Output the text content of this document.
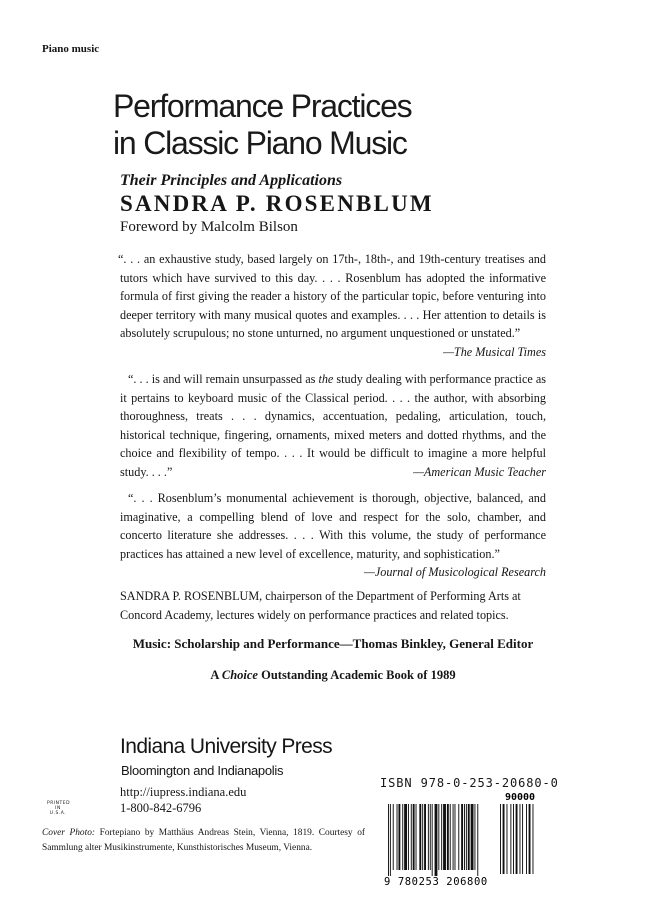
Piano music
Performance Practices
in Classic Piano Music
Their Principles and Applications
SANDRA P. ROSENBLUM
Foreword by Malcolm Bilson
“. . . an exhaustive study, based largely on 17th-, 18th-, and 19th-century treatises and tutors which have survived to this day. . . . Rosenblum has adopted the informative formula of first giving the reader a history of the particular topic, before venturing into deeper territory with many musical quotes and examples. . . . Her attention to details is absolutely scrupulous; no stone unturned, no argument unquestioned or unstated.”
—The Musical Times
“. . . is and will remain unsurpassed as the study dealing with performance practice as it pertains to keyboard music of the Classical period. . . . the author, with absorbing thoroughness, treats . . . dynamics, accentuation, pedaling, articulation, touch, historical technique, fingering, ornaments, mixed meters and dotted rhythms, and the choice and flexibility of tempo. . . . It would be difficult to imagine a more helpful study. . . .”	—American Music Teacher
“. . . Rosenblum’s monumental achievement is thorough, objective, balanced, and imaginative, a compelling blend of love and respect for the solo, chamber, and concerto literature she addresses. . . . With this volume, the study of performance practices has attained a new level of excellence, maturity, and sophistication.”
—Journal of Musicological Research
SANDRA P. ROSENBLUM, chairperson of the Department of Performing Arts at Concord Academy, lectures widely on performance practices and related topics.
Music: Scholarship and Performance—Thomas Binkley, General Editor
A Choice Outstanding Academic Book of 1989
Indiana University Press
Bloomington and Indianapolis
http://iupress.indiana.edu
1-800-842-6796
PRINTED IN U.S.A.
Cover Photo: Fortepiano by Matthäus Andreas Stein, Vienna, 1819. Courtesy of Sammlung alter Musikinstrumente, Kunsthistorisches Museum, Vienna.
ISBN 978-0-253-20680-0
90000
9 780253 206800
